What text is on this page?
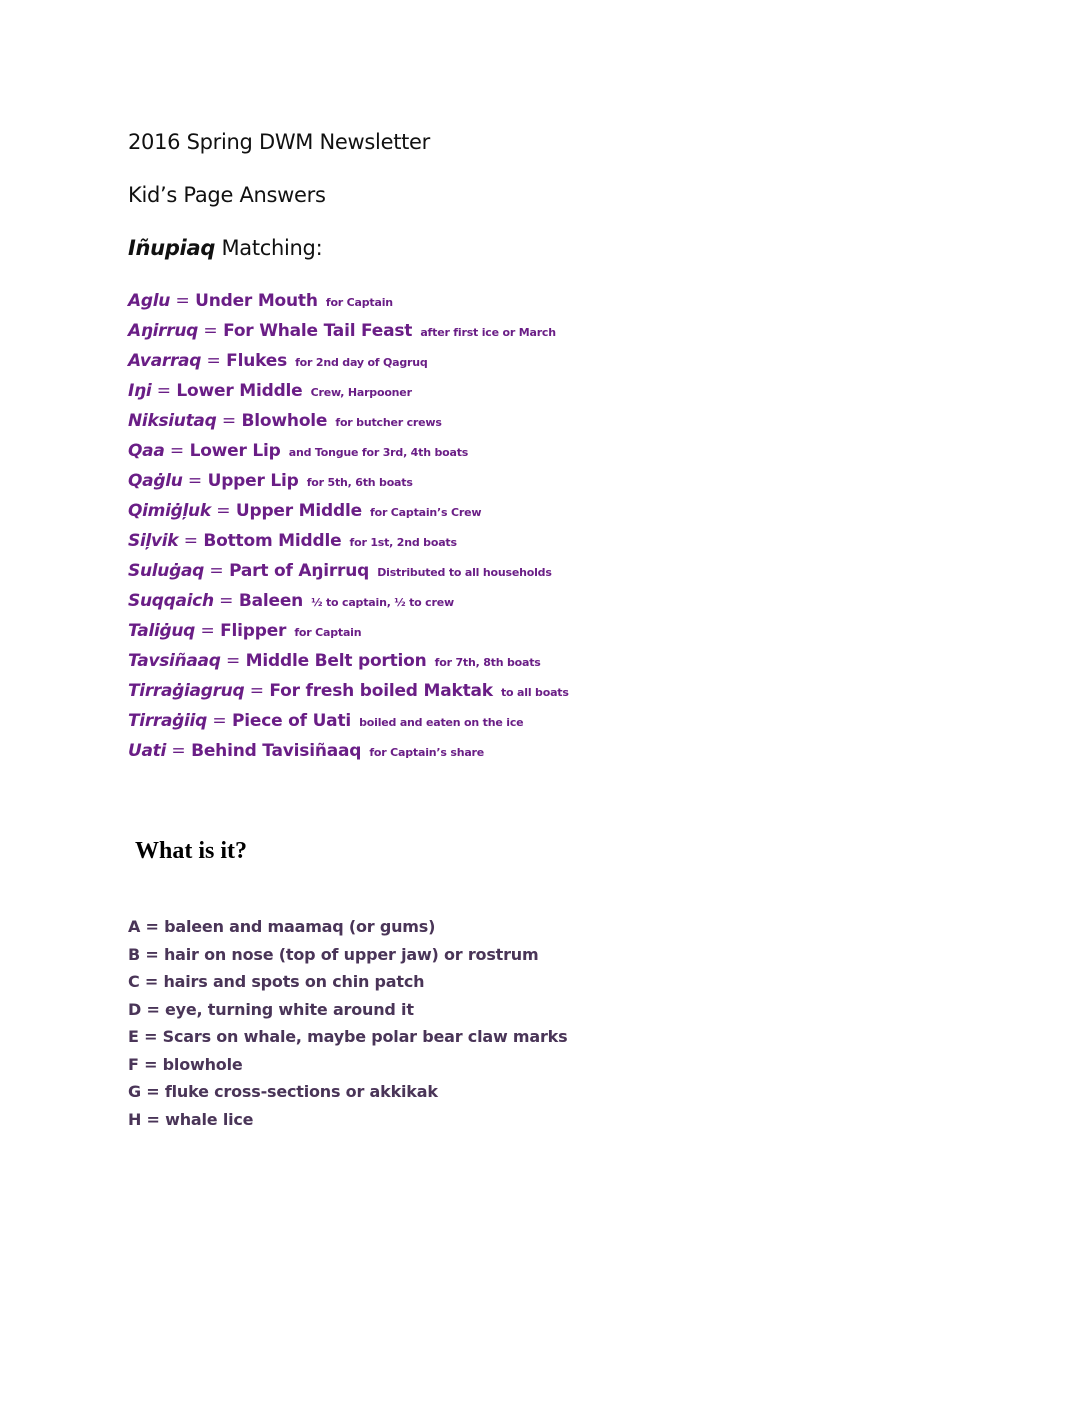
2016 Spring DWM Newsletter
Kid’s Page Answers
Iñupiaq Matching:
Aglu = Under Mouth for Captain
Aŋirruq = For Whale Tail Feast after first ice or March
Avarraq = Flukes for 2nd day of Qagruq
Iŋi = Lower Middle Crew, Harpooner
Niksiutaq = Blowhole for butcher crews
Qaa = Lower Lip and Tongue for 3rd, 4th boats
Qaġlu = Upper Lip for 5th, 6th boats
Qimiġļuk = Upper Middle for Captain’s Crew
Siļvik = Bottom Middle for 1st, 2nd boats
Suluġaq = Part of Aŋirruq Distributed to all households
Suqqaich = Baleen ½ to captain, ½ to crew
Taliġuq = Flipper for Captain
Tavsiñaaq = Middle Belt portion for 7th, 8th boats
Tirraġiagruq = For fresh boiled Maktak to all boats
Tirraġiiq = Piece of Uati boiled and eaten on the ice
Uati = Behind Tavisiñaaq for Captain’s share
What is it?
A = baleen and maamaq (or gums)
B = hair on nose (top of upper jaw) or rostrum
C = hairs and spots on chin patch
D = eye, turning white around it
E = Scars on whale, maybe polar bear claw marks
F = blowhole
G = fluke cross-sections or akkikak
H = whale lice
